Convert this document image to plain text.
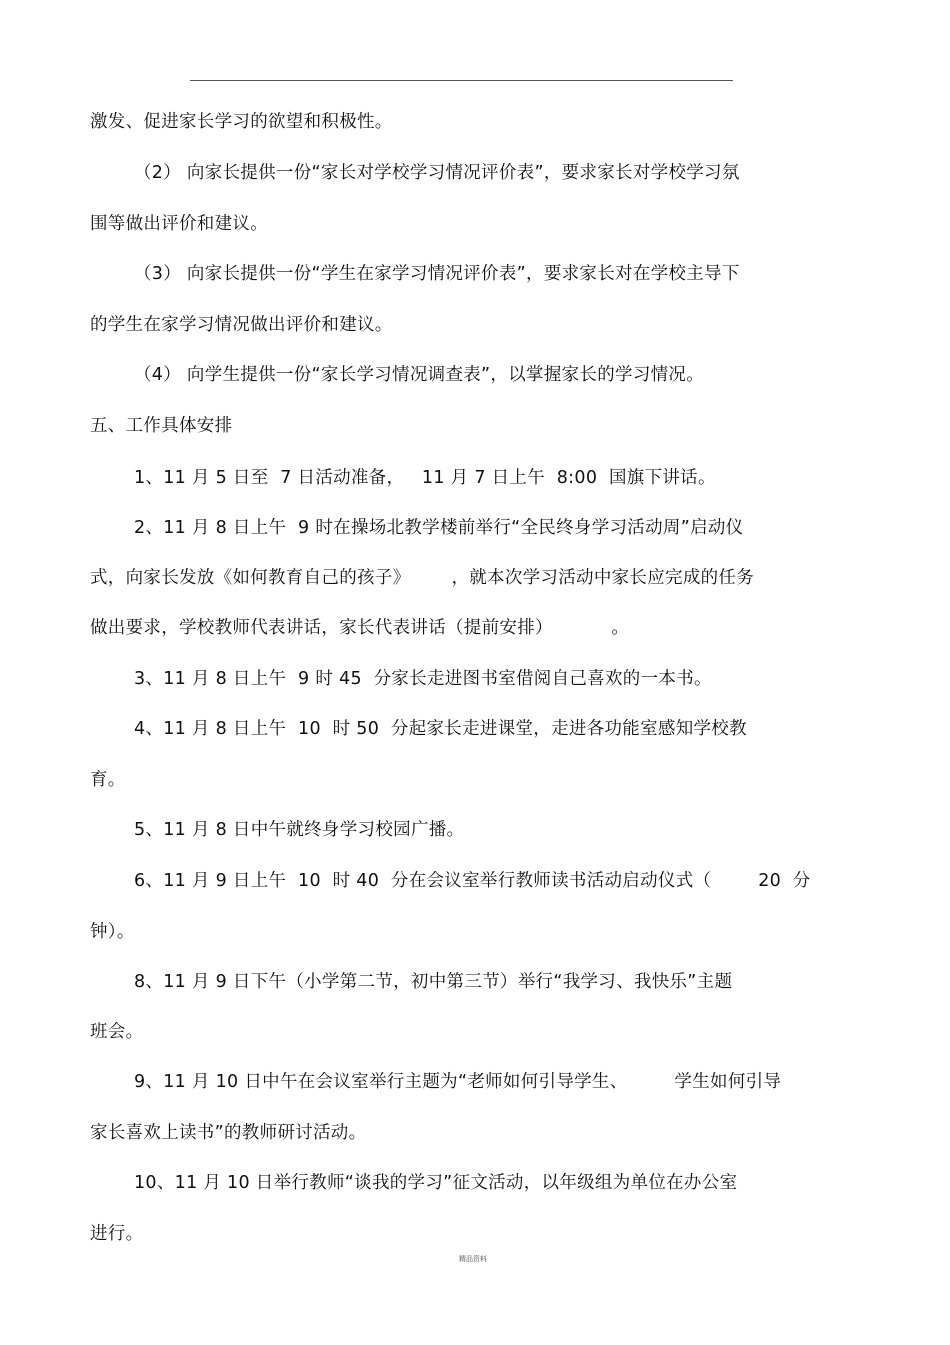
激发、促进家长学习的欲望和积极性。
（2） 向家长提供一份“家长对学校学习情况评价表”，要求家长对学校学习氛
围等做出评价和建议。
（3） 向家长提供一份“学生在家学习情况评价表”，要求家长对在学校主导下
的学生在家学习情况做出评价和建议。
（4） 向学生提供一份“家长学习情况调查表”，以掌握家长的学习情况。
五、工作具体安排
1、11 月 5 日至  7 日活动准备，   11 月 7 日上午  8:00  国旗下讲话。
2、11 月 8 日上午  9 时在操场北教学楼前举行“全民终身学习活动周”启动仪
式，向家长发放《如何教育自己的孩子》       ，就本次学习活动中家长应完成的任务
做出要求，学校教师代表讲话，家长代表讲话（提前安排）          。
3、11 月 8 日上午  9 时 45  分家长走进图书室借阅自己喜欢的一本书。
4、11 月 8 日上午  10  时 50  分起家长走进课堂，走进各功能室感知学校教
育。
5、11 月 8 日中午就终身学习校园广播。
6、11 月 9 日上午  10  时 40  分在会议室举行教师读书活动启动仪式（        20  分
钟）。
8、11 月 9 日下午（小学第二节，初中第三节）举行“我学习、我快乐”主题
班会。
9、11 月 10 日中午在会议室举行主题为“老师如何引导学生、        学生如何引导
家长喜欢上读书”的教师研讨活动。
10、11 月 10 日举行教师“谈我的学习”征文活动，以年级组为单位在办公室
进行。
精品资料
